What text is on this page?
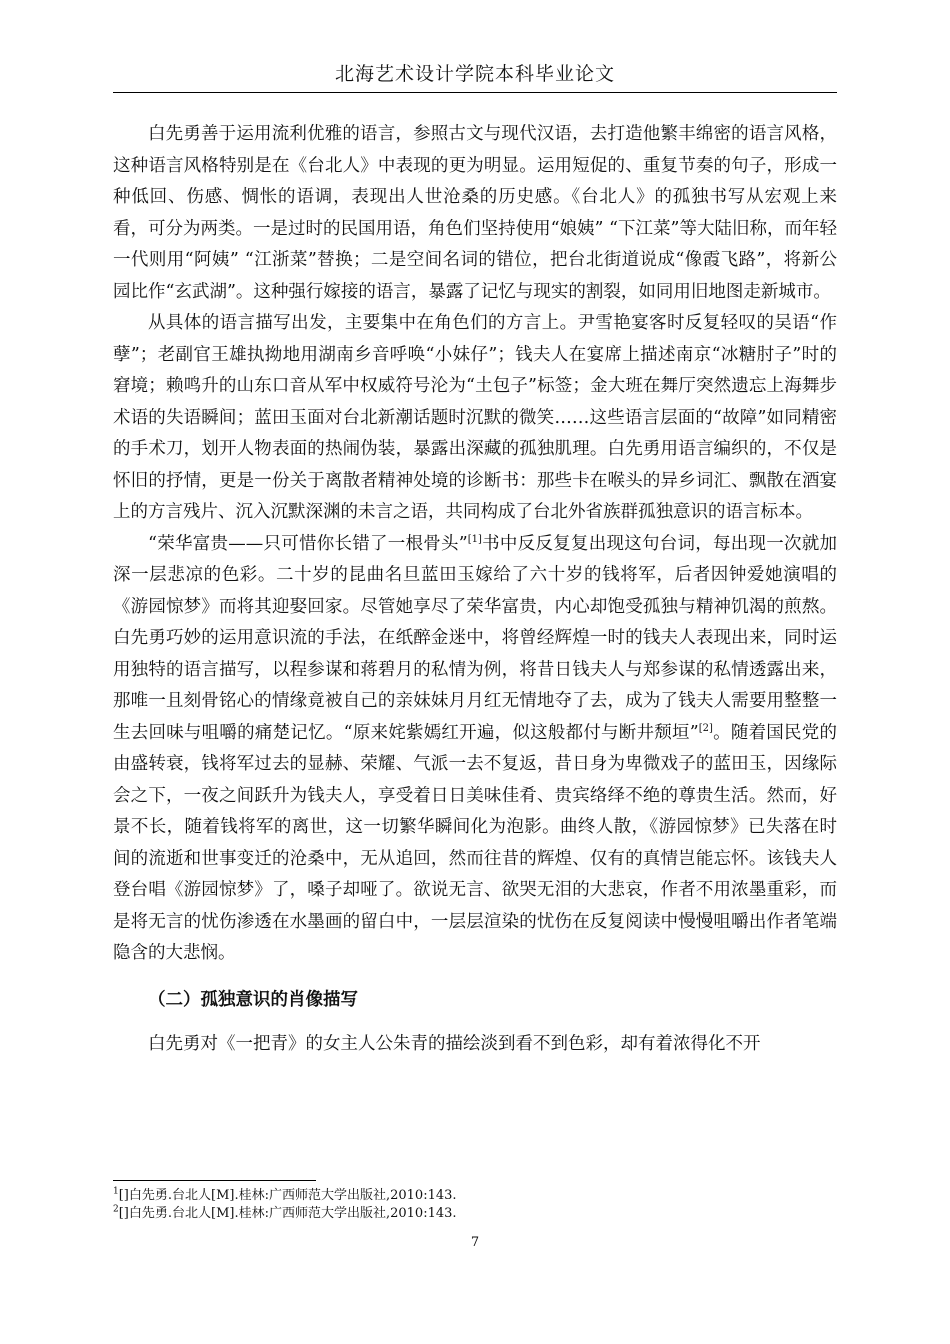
北海艺术设计学院本科毕业论文

白先勇善于运用流利优雅的语言，参照古文与现代汉语，去打造他繁丰绵密的语言风格，这种语言风格特别是在《台北人》中表现的更为明显。运用短促的、重复节奏的句子，形成一种低回、伤感、惆怅的语调，表现出人世沧桑的历史感。《台北人》的孤独书写从宏观上来看，可分为两类。一是过时的民国用语，角色们坚持使用“娘姨” “下江菜”等大陆旧称，而年轻一代则用“阿姨” “江浙菜”替换；二是空间名词的错位，把台北街道说成“像霞飞路”，将新公园比作“玄武湖”。这种强行嫁接的语言，暴露了记忆与现实的割裂，如同用旧地图走新城市。

从具体的语言描写出发，主要集中在角色们的方言上。尹雪艳宴客时反复轻叹的吴语“作孽”；老副官王雄执拗地用湖南乡音呼唤“小妹仔”；钱夫人在宴席上描述南京“冰糖肘子”时的窘境；赖鸣升的山东口音从军中权威符号沦为“土包子”标签；金大班在舞厅突然遗忘上海舞步术语的失语瞬间；蓝田玉面对台北新潮话题时沉默的微笑……这些语言层面的“故障”如同精密的手术刀，划开人物表面的热闹伪装，暴露出深藏的孤独肌理。白先勇用语言编织的，不仅是怀旧的抒情，更是一份关于离散者精神处境的诊断书：那些卡在喉头的异乡词汇、飘散在酒宴上的方言残片、沉入沉默深渊的未言之语，共同构成了台北外省族群孤独意识的语言标本。

“荣华富贵——只可惜你长错了一根骨头”[1]书中反反复复出现这句台词，每出现一次就加深一层悲凉的色彩。二十岁的昆曲名旦蓝田玉嫁给了六十岁的钱将军，后者因钟爱她演唱的《游园惊梦》而将其迎娶回家。尽管她享尽了荣华富贵，内心却饱受孤独与精神饥渴的煎熬。白先勇巧妙的运用意识流的手法，在纸醉金迷中，将曾经辉煌一时的钱夫人表现出来，同时运用独特的语言描写，以程参谋和蒋碧月的私情为例，将昔日钱夫人与郑参谋的私情透露出来，那唯一且刻骨铭心的情缘竟被自己的亲妹妹月月红无情地夺了去，成为了钱夫人需要用整整一生去回味与咀嚼的痛楚记忆。“原来姹紫嫣红开遍，似这般都付与断井颓垣”[2]。随着国民党的由盛转衰，钱将军过去的显赫、荣耀、气派一去不复返，昔日身为卑微戏子的蓝田玉，因缘际会之下，一夜之间跃升为钱夫人，享受着日日美味佳肴、贵宾络绎不绝的尊贵生活。然而，好景不长，随着钱将军的离世，这一切繁华瞬间化为泡影。曲终人散，《游园惊梦》已失落在时间的流逝和世事变迁的沧桑中，无从追回，然而往昔的辉煌、仅有的真情岂能忘怀。该钱夫人登台唱《游园惊梦》了，嗓子却哑了。欲说无言、欲哭无泪的大悲哀，作者不用浓墨重彩，而是将无言的忧伤渗透在水墨画的留白中，一层层渲染的忧伤在反复阅读中慢慢咀嚼出作者笔端隐含的大悲悯。

（二）孤独意识的肖像描写

白先勇对《一把青》的女主人公朱青的描绘淡到看不到色彩，却有着浓得化不开

$^1$[]白先勇.台北人[M].桂林:广西师范大学出版社,2010:143.
$^2$[]白先勇.台北人[M].桂林:广西师范大学出版社,2010:143.
7
